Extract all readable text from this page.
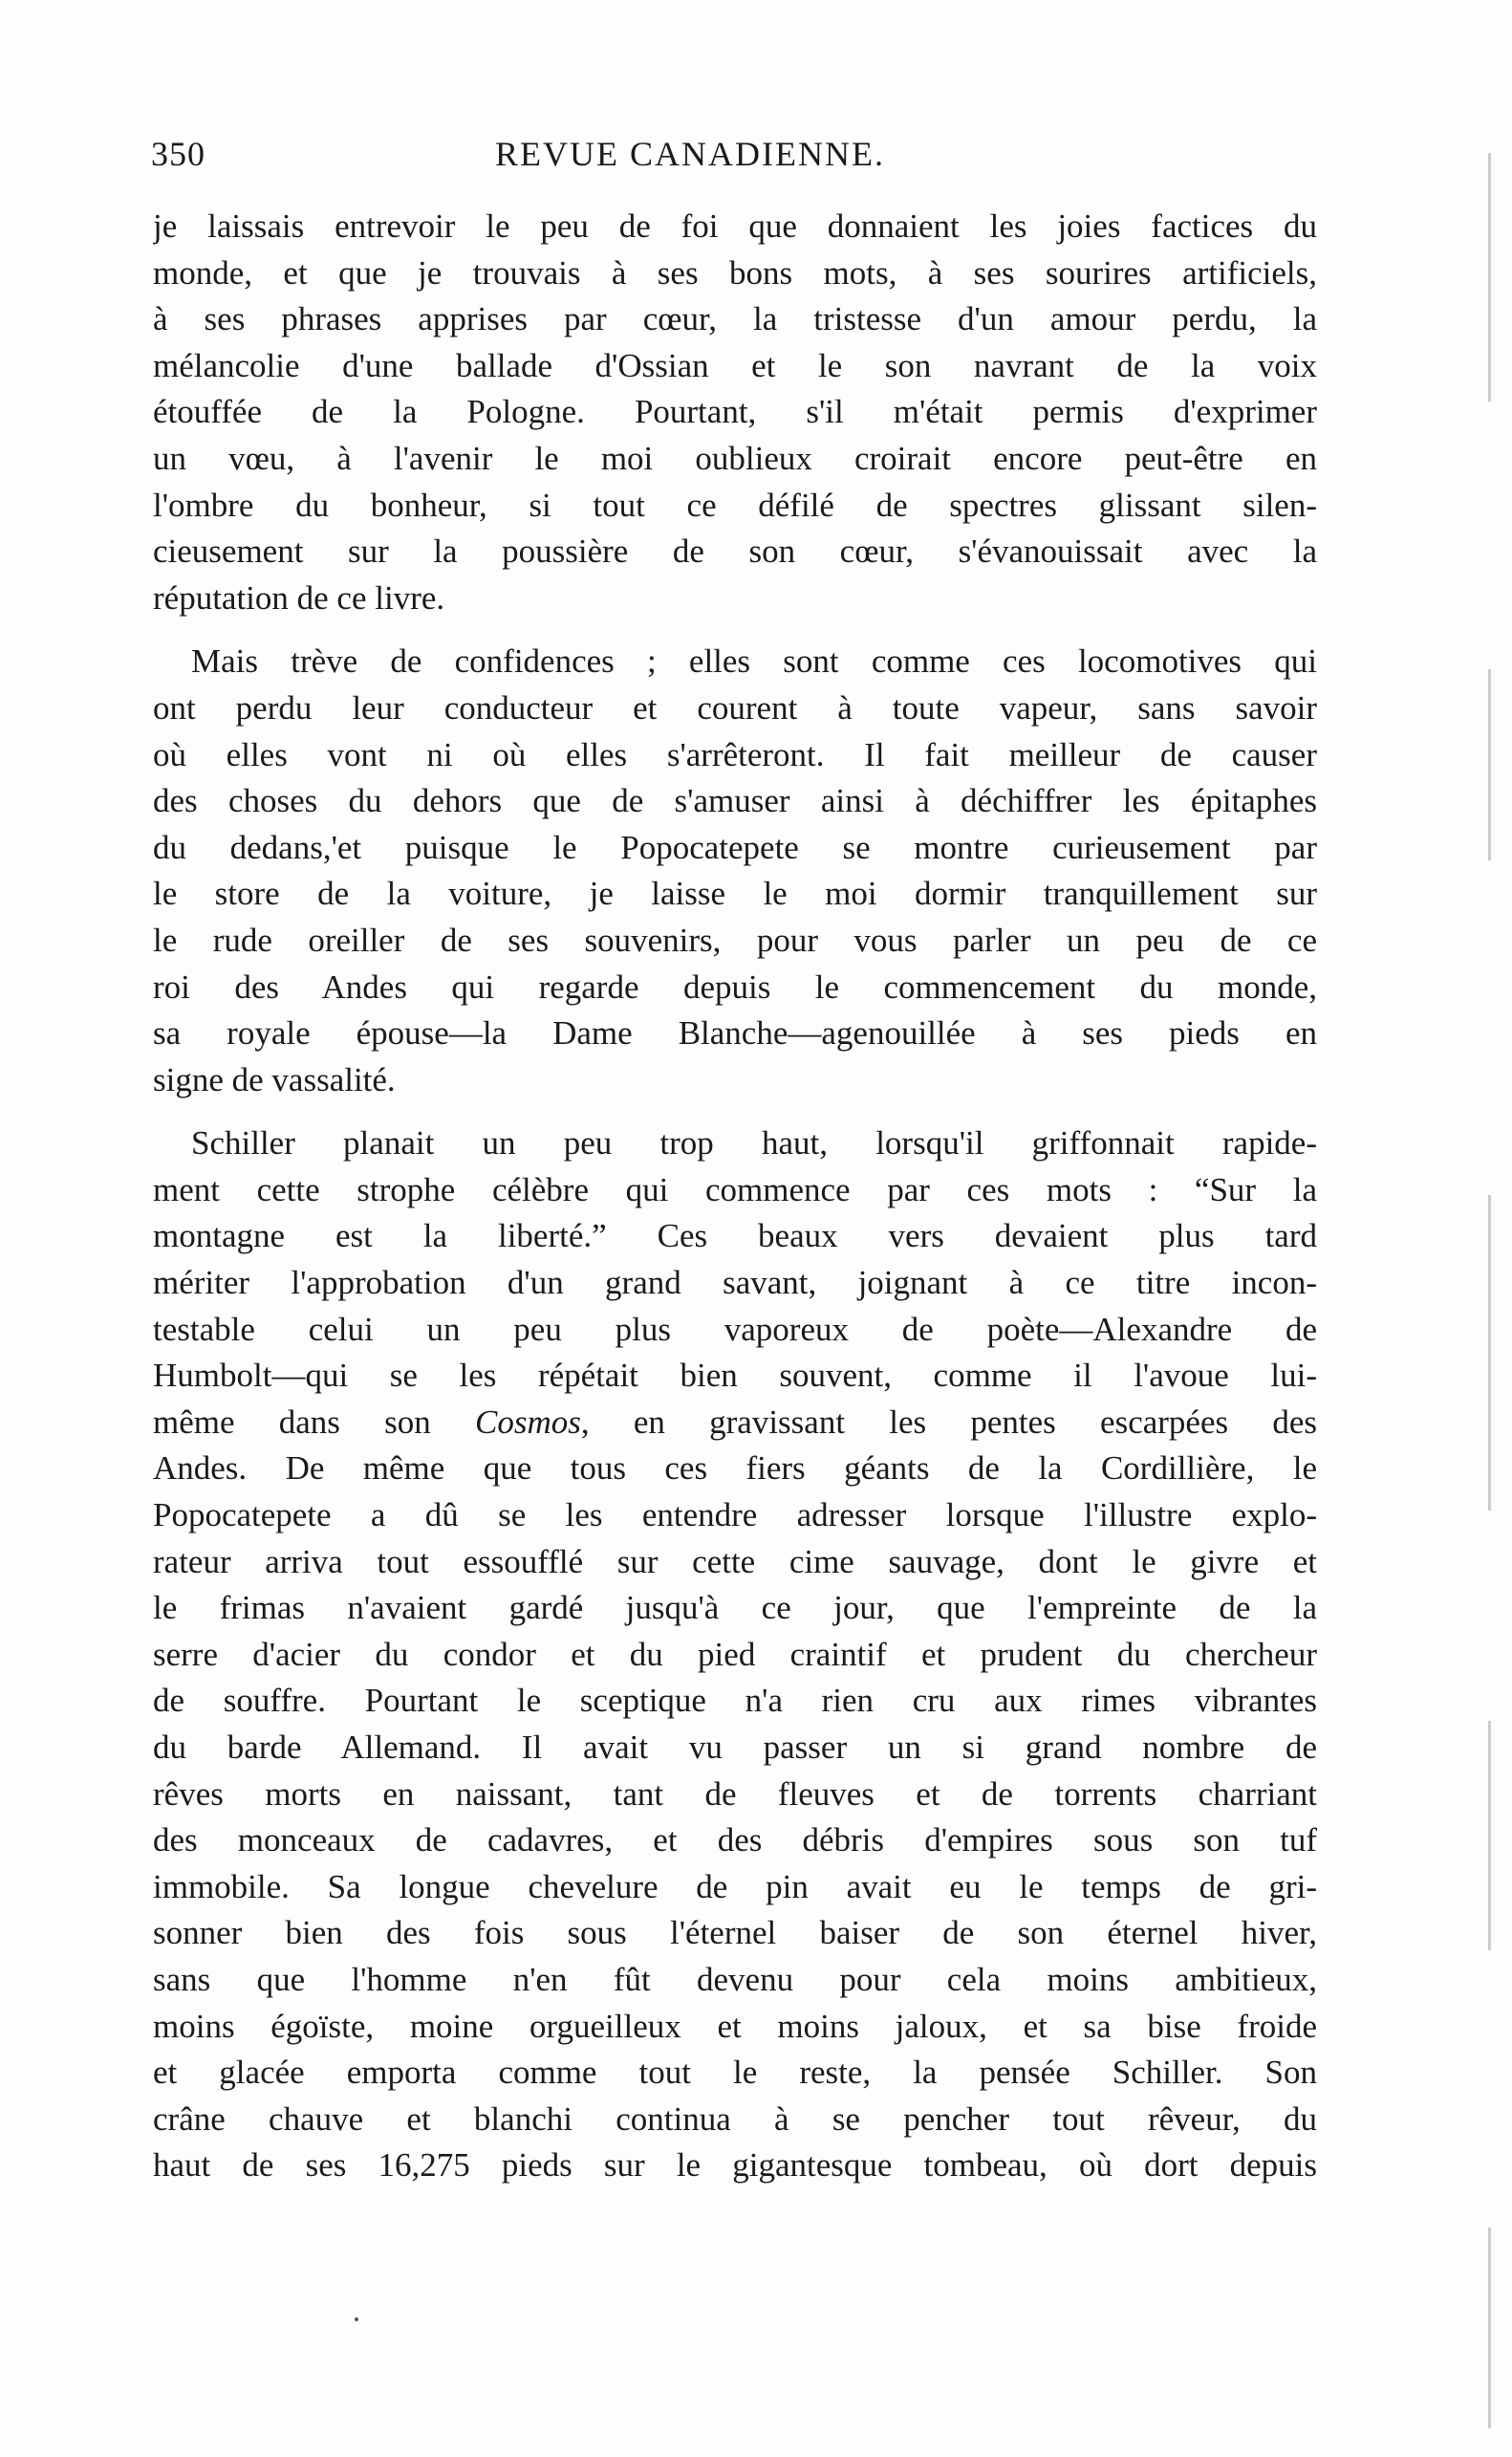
350	REVUE CANADIENNE.
je laissais entrevoir le peu de foi que donnaient les joies factices du
monde, et que je trouvais à ses bons mots, à ses sourires artificiels,
à ses phrases apprises par cœur, la tristesse d'un amour perdu, la
mélancolie d'une ballade d'Ossian et le son navrant de la voix
étouffée de la Pologne. Pourtant, s'il m'était permis d'exprimer
un vœu, à l'avenir le moi oublieux croirait encore peut-être en
l'ombre du bonheur, si tout ce défilé de spectres glissant silen-
cieusement sur la poussière de son cœur, s'évanouissait avec la
réputation de ce livre.
Mais trève de confidences ; elles sont comme ces locomotives qui
ont perdu leur conducteur et courent à toute vapeur, sans savoir
où elles vont ni où elles s'arrêteront. Il fait meilleur de causer
des choses du dehors que de s'amuser ainsi à déchiffrer les épitaphes
du dedans,'et puisque le Popocatepete se montre curieusement par
le store de la voiture, je laisse le moi dormir tranquillement sur
le rude oreiller de ses souvenirs, pour vous parler un peu de ce
roi des Andes qui regarde depuis le commencement du monde,
sa royale épouse—la Dame Blanche—agenouillée à ses pieds en
signe de vassalité.
Schiller planait un peu trop haut, lorsqu'il griffonnait rapide-
ment cette strophe célèbre qui commence par ces mots : “Sur la
montagne est la liberté.” Ces beaux vers devaient plus tard
mériter l'approbation d'un grand savant, joignant à ce titre incon-
testable celui un peu plus vaporeux de poète—Alexandre de
Humbolt—qui se les répétait bien souvent, comme il l'avoue lui-
même dans son Cosmos, en gravissant les pentes escarpées des
Andes. De même que tous ces fiers géants de la Cordillière, le
Popocatepete a dû se les entendre adresser lorsque l'illustre explo-
rateur arriva tout essoufflé sur cette cime sauvage, dont le givre et
le frimas n'avaient gardé jusqu'à ce jour, que l'empreinte de la
serre d'acier du condor et du pied craintif et prudent du chercheur
de souffre. Pourtant le sceptique n'a rien cru aux rimes vibrantes
du barde Allemand. Il avait vu passer un si grand nombre de
rêves morts en naissant, tant de fleuves et de torrents charriant
des monceaux de cadavres, et des débris d'empires sous son tuf
immobile. Sa longue chevelure de pin avait eu le temps de gri-
sonner bien des fois sous l'éternel baiser de son éternel hiver,
sans que l'homme n'en fût devenu pour cela moins ambitieux,
moins égoïste, moine orgueilleux et moins jaloux, et sa bise froide
et glacée emporta comme tout le reste, la pensée Schiller. Son
crâne chauve et blanchi continua à se pencher tout rêveur, du
haut de ses 16,275 pieds sur le gigantesque tombeau, où dort depuis
